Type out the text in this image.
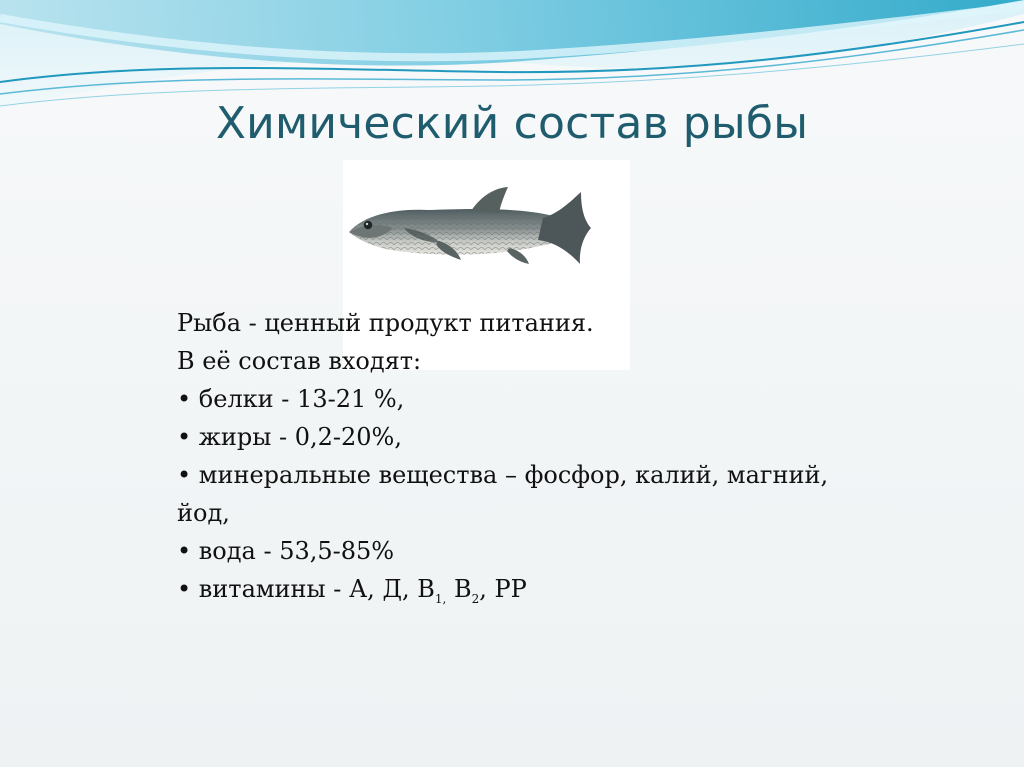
Химический состав рыбы

Рыба - ценный продукт питания.

В её состав входят:

• белки - 13-21 %,
• жиры - 0,2-20%,
• минеральные вещества – фосфор, калий, магний, йод,
• вода - 53,5-85%
• витамины - А, Д, $В_{1,}$ $В_2$, РР
